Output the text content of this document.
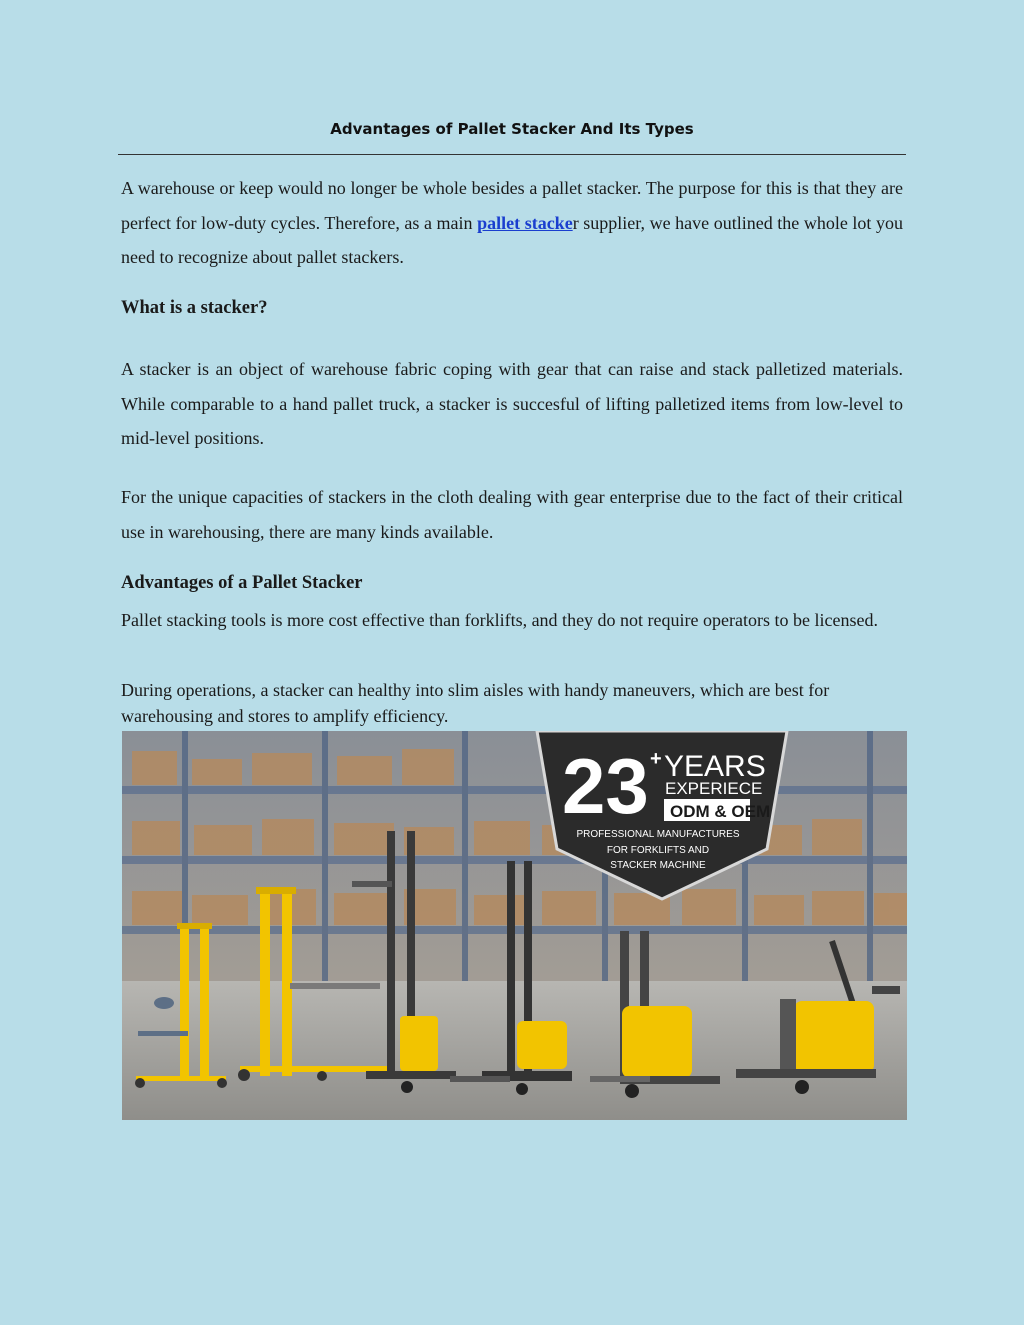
Advantages of Pallet Stacker And Its Types

A warehouse or keep would no longer be whole besides a pallet stacker. The purpose for this is that they are perfect for low-duty cycles. Therefore, as a main pallet stacker supplier, we have outlined the whole lot you need to recognize about pallet stackers.

What is a stacker?

A stacker is an object of warehouse fabric coping with gear that can raise and stack palletized materials. While comparable to a hand pallet truck, a stacker is succesful of lifting palletized items from low-level to mid-level positions.

For the unique capacities of stackers in the cloth dealing with gear enterprise due to the fact of their critical use in warehousing, there are many kinds available.

Advantages of a Pallet Stacker

Pallet stacking tools is more cost effective than forklifts, and they do not require operators to be licensed.

During operations, a stacker can healthy into slim aisles with handy maneuvers, which are best for warehousing and stores to amplify efficiency.

23 + YEARS
EXPERIECE
ODM & OEM
PROFESSIONAL MANUFACTURES
FOR FORKLIFTS AND
STACKER MACHINE
